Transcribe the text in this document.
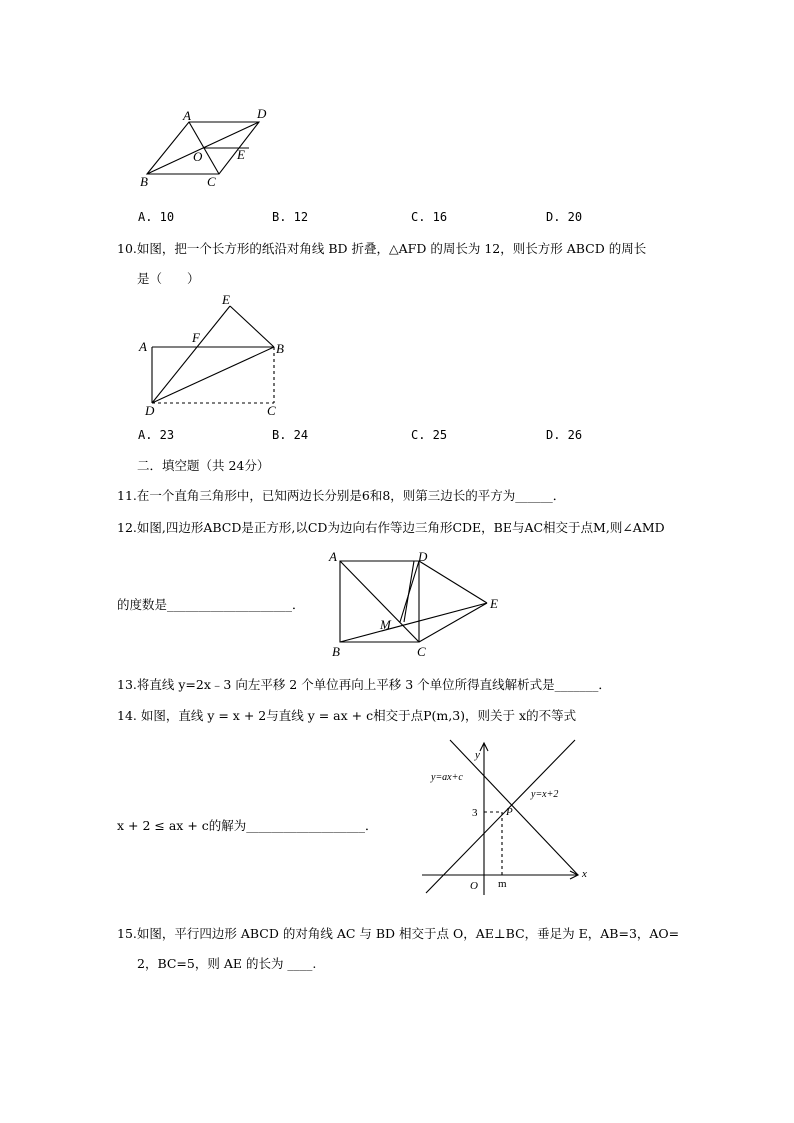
A	D
B	C
O	E
A. 10	B. 12	C. 16	D. 20
10.如图，把一个长方形的纸沿对角线 BD 折叠，△AFD 的周长为 12，则长方形 ABCD 的周长
是（　　）
A	B
C
D
E
F
A. 23	B. 24	C. 25	D. 26
二．填空题（共 24分）
11.在一个直角三角形中，已知两边长分别是6和8，则第三边长的平方为______．
12.如图,四边形ABCD是正方形,以CD为边向右作等边三角形CDE，BE与AC相交于点M,则∠AMD
的度数是____________________．
A	D
B	C
E
M
13.将直线 y=2x﹣3 向左平移 2 个单位再向上平移 3 个单位所得直线解析式是_______．
14. 如图，直线 y = x + 2与直线 y = ax + c相交于点P(m,3)，则关于 x的不等式
x + 2 ≤ ax + c的解为___________________．
y
x
O
y=ax+c
y=x+2
P
3
m
15.如图，平行四边形 ABCD 的对角线 AC 与 BD 相交于点 O，AE⊥BC，垂足为 E，AB=3，AO=
2，BC=5，则 AE 的长为 ____.
